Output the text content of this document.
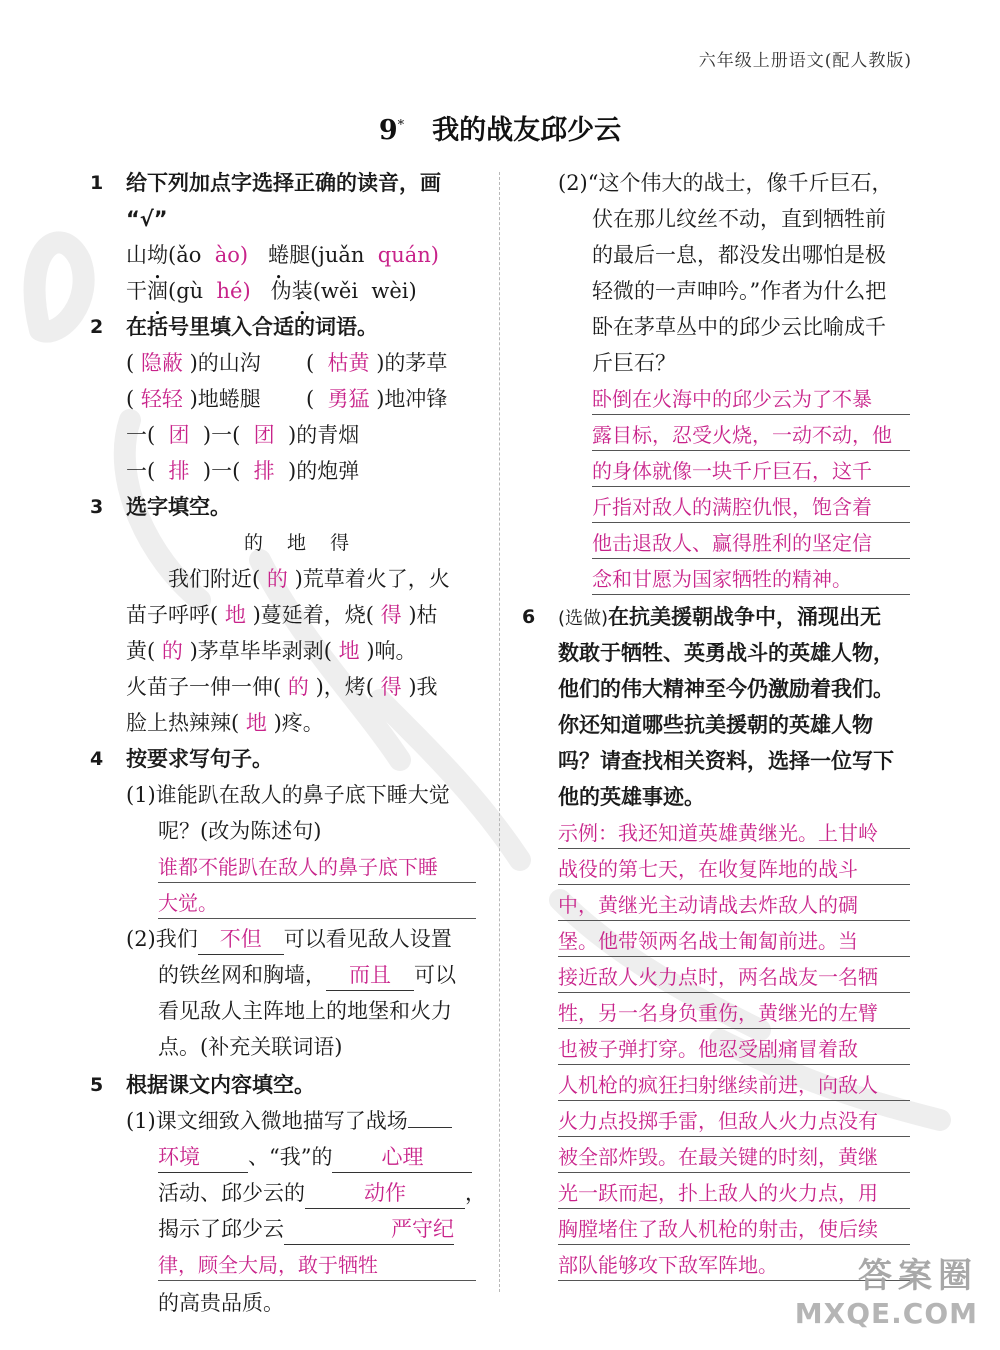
六年级上册语文(配人教版)
9* 我的战友邱少云
1 给下列加点字选择正确的读音，画
“√”
山坳(ǎo ào) 蜷腿(juǎn quán)
干涸(gù hé) 伪装(wěi wèi)
2 在括号里填入合适的词语。
( 隐蔽 )的山沟 (  枯黄 )的茅草
( 轻轻 )地蜷腿 (  勇猛 )地冲锋
一(  团  )一(  团 )的青烟
一(  排  )一(  排 )的炮弹
3 选字填空。
的 地 得
我们附近( 的 )荒草着火了，火
苗子呼呼( 地 )蔓延着，烧( 得 )枯
黄( 的 )茅草毕毕剥剥( 地 )响。
火苗子一伸一伸( 的 )，烤( 得 )我
脸上热辣辣( 地 )疼。
4 按要求写句子。
(1)谁能趴在敌人的鼻子底下睡大觉
呢？(改为陈述句)
谁都不能趴在敌人的鼻子底下睡
大觉。
(2)我们 不但 可以看见敌人设置
的铁丝网和胸墙， 而且 可以
看见敌人主阵地上的地堡和火力
点。(补充关联词语)
5 根据课文内容填空。
(1)课文细致入微地描写了战场
环境 、“我”的 心理
活动、邱少云的	动作	，
揭示了邱少云	严守纪
律，顾全大局，敢于牺牲
的高贵品质。
(2)“这个伟大的战士，像千斤巨石，
伏在那儿纹丝不动，直到牺牲前
的最后一息，都没发出哪怕是极
轻微的一声呻吟。”作者为什么把
卧在茅草丛中的邱少云比喻成千
斤巨石？
卧倒在火海中的邱少云为了不暴
露目标，忍受火烧，一动不动，他
的身体就像一块千斤巨石，这千
斤指对敌人的满腔仇恨，饱含着
他击退敌人、赢得胜利的坚定信
念和甘愿为国家牺牲的精神。
6 (选做)在抗美援朝战争中，涌现出无
数敢于牺牲、英勇战斗的英雄人物，
他们的伟大精神至今仍激励着我们。
你还知道哪些抗美援朝的英雄人物
吗？请查找相关资料，选择一位写下
他的英雄事迹。
示例：我还知道英雄黄继光。上甘岭
战役的第七天，在收复阵地的战斗
中，黄继光主动请战去炸敌人的碉
堡。他带领两名战士匍匐前进。当
接近敌人火力点时，两名战友一名牺
牲，另一名身负重伤，黄继光的左臂
也被子弹打穿。他忍受剧痛冒着敌
人机枪的疯狂扫射继续前进，向敌人
火力点投掷手雷，但敌人火力点没有
被全部炸毁。在最关键的时刻，黄继
光一跃而起，扑上敌人的火力点，用
胸膛堵住了敌人机枪的射击，使后续
部队能够攻下敌军阵地。	答案圈
MXQE.COM
